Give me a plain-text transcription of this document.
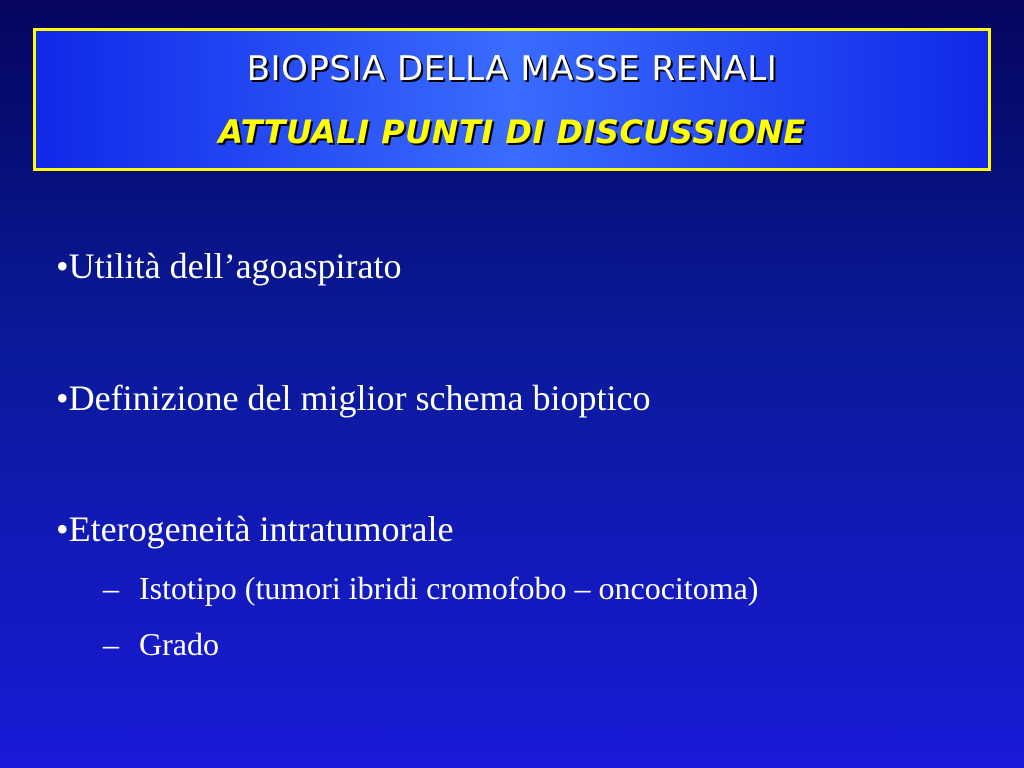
BIOPSIA DELLA MASSE RENALI
ATTUALI PUNTI DI DISCUSSIONE
•Utilità dell’agoaspirato
•Definizione del miglior schema bioptico
•Eterogeneità intratumorale
– Istotipo (tumori ibridi cromofobo – oncocitoma)
– Grado
